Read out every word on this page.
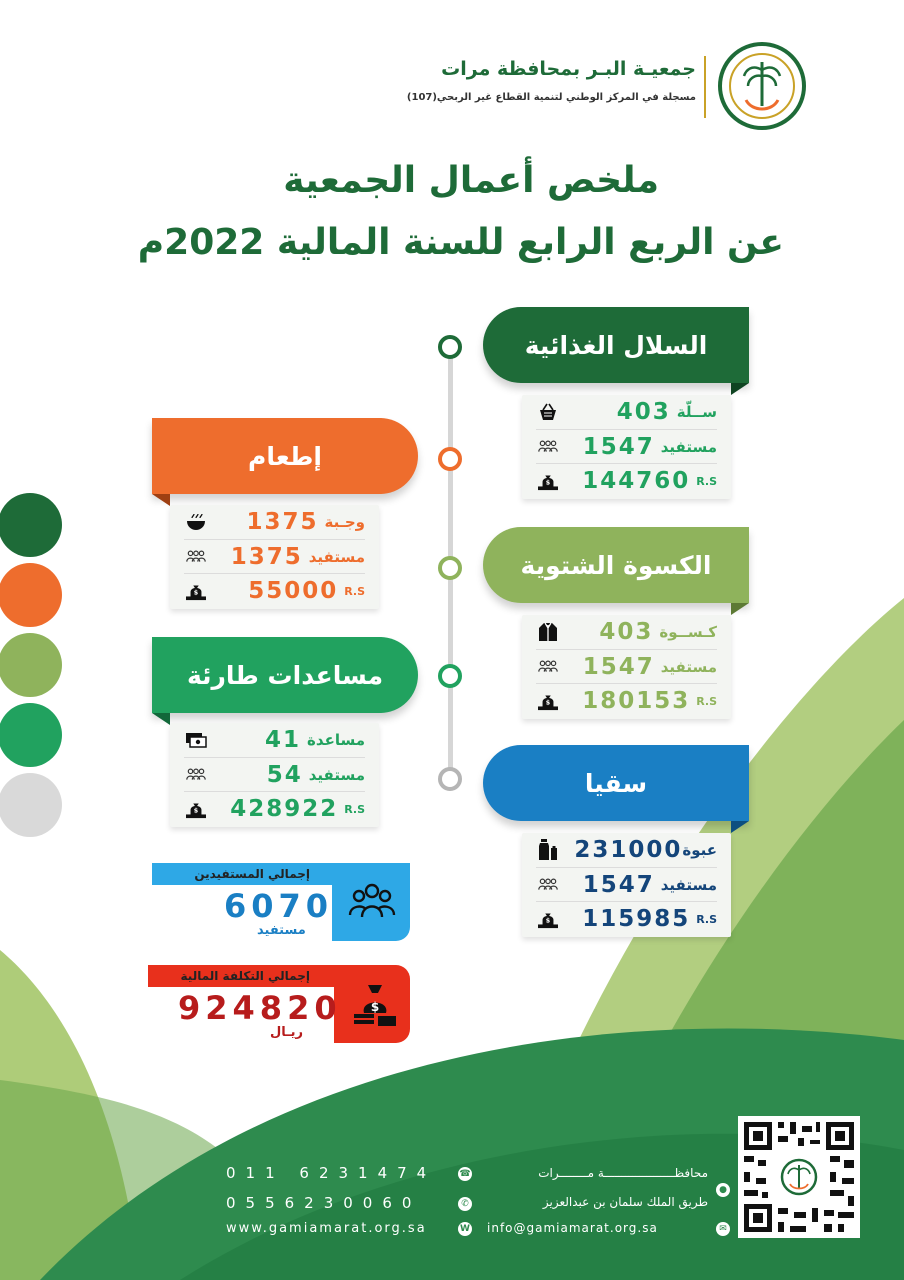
جمعيـة البـر بمحافظة مرات
مسجلة في المركز الوطني لتنمية القطاع غير الربحي(107)
ملخص أعمال الجمعية
عن الربع الرابع للسنة المالية 2022م
السلال الغذائية
ســلّة
403
مستفيد
1547
R.S
144760
إطعام
وجـبة
1375
مستفيد
1375
R.S
55000
الكسوة الشتوية
كـســوة
403
مستفيد
1547
R.S
180153
مساعدات طارئة
مساعدة
41
مستفيد
54
R.S
428922
سقيا
عبوة
231000
مستفيد
1547
R.S
115985
إجمالي المستفيدين
6070
مستفيد
إجمالي التكلفة المالية
924820
ريـال
$
011 6231474	☎
0556230060	✆
www.gamiamarat.org.sa	W
محافظــــــــــــــــــــة مــــــــرات
●
طريق الملك سلمان بن عبدالعزيز
info@gamiamarat.org.sa	✉
